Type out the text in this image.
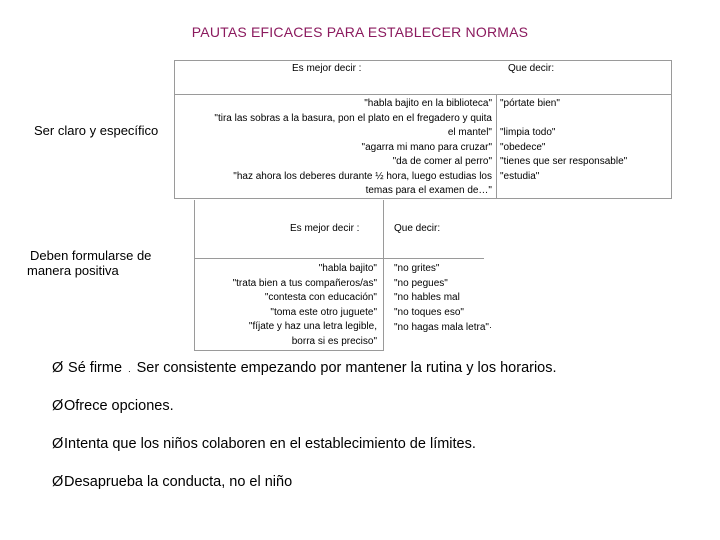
PAUTAS EFICACES PARA ESTABLECER NORMAS
Ser claro y específico
Es mejor decir :	Que decir:
"habla bajito en la biblioteca"
"tira las sobras a la basura, pon el plato en el fregadero y quita
el mantel"
"agarra mi mano para cruzar"
"da de comer al perro"
"haz ahora los deberes durante ½ hora, luego estudias los
temas para el examen de…"
"pórtate bien"
"limpia todo"
"obedece"
"tienes que ser responsable"
"estudia"
Deben formularse de
manera positiva
Es mejor decir :	Que decir:
"habla bajito"
"trata bien a tus compañeros/as"
"contesta con educación"
"toma este otro juguete"
"fíjate y haz una letra legible,
borra si es preciso"
"no grites"
"no pegues"
"no hables mal
"no toques eso"
"no hagas mala letra"·
Ø Sé firme . Ser consistente empezando por mantener la rutina y los horarios.
ØOfrece opciones.
ØIntenta que los niños colaboren en el establecimiento de límites.
ØDesaprueba la conducta, no el niño
